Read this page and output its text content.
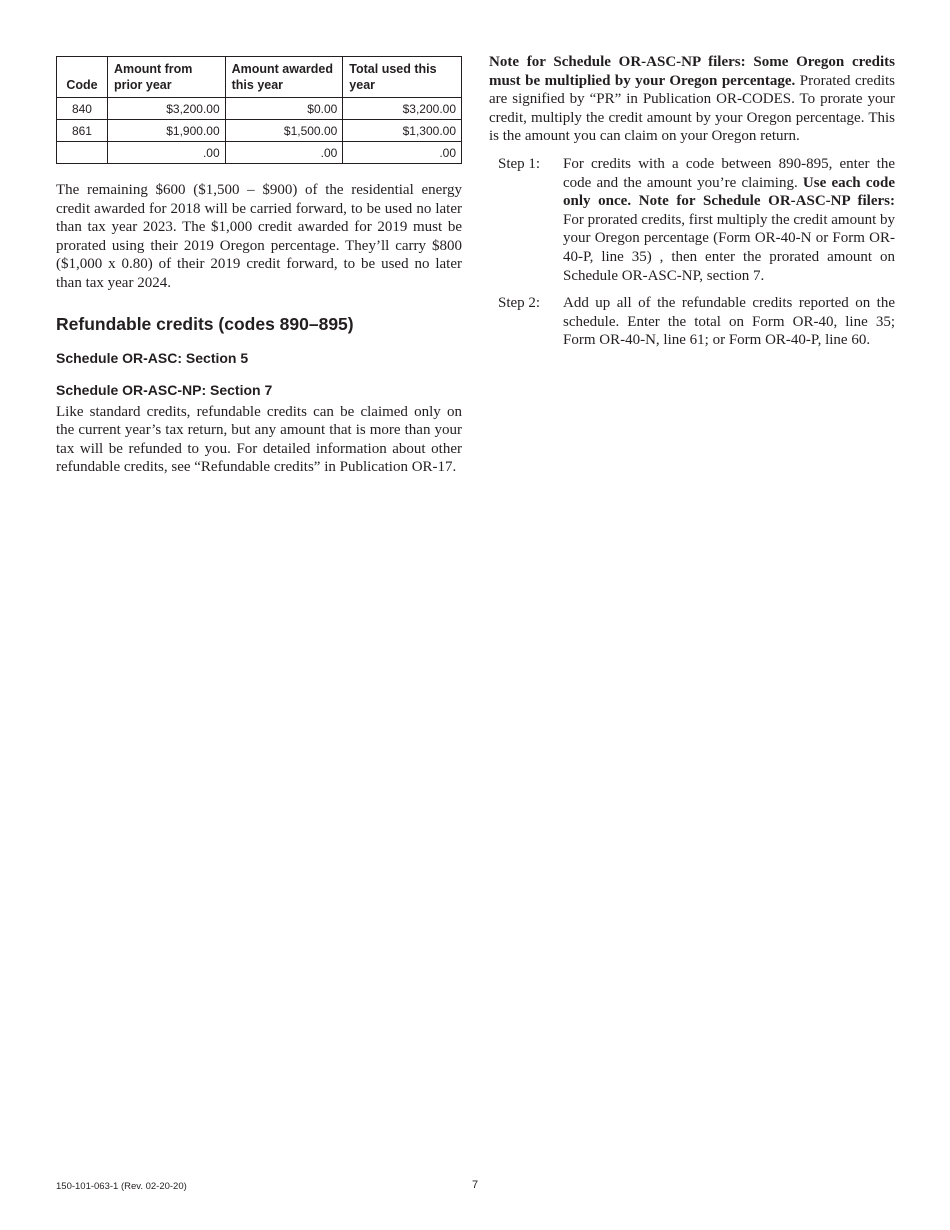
Code	Amount from prior year	Amount awarded this year	Total used this year
840	$3,200.00	$0.00	$3,200.00
861	$1,900.00	$1,500.00	$1,300.00
	.00	.00	.00

The remaining $600 ($1,500 – $900) of the residential energy credit awarded for 2018 will be carried forward, to be used no later than tax year 2023. The $1,000 credit awarded for 2019 must be prorated using their 2019 Oregon percentage. They’ll carry $800 ($1,000 x 0.80) of their 2019 credit forward, to be used no later than tax year 2024.

Refundable credits (codes 890–895)
Schedule OR-ASC: Section 5
Schedule OR-ASC-NP: Section 7

Like standard credits, refundable credits can be claimed only on the current year’s tax return, but any amount that is more than your tax will be refunded to you. For detailed information about other refundable credits, see “Refundable credits” in Publication OR-17.

Note for Schedule OR-ASC-NP filers: Some Oregon credits must be multiplied by your Oregon percentage. Prorated credits are signified by “PR” in Publication OR-CODES. To prorate your credit, multiply the credit amount by your Oregon percentage. This is the amount you can claim on your Oregon return.

Step 1:	For credits with a code between 890-895, enter the code and the amount you’re claiming. Use each code only once. Note for Schedule OR-ASC-NP filers: For prorated credits, first multiply the credit amount by your Oregon percentage (Form OR-40-N or Form OR-40-P, line 35) , then enter the prorated amount on Schedule OR-ASC-NP, section 7.
Step 2:	Add up all of the refundable credits reported on the schedule. Enter the total on Form OR-40, line 35; Form OR-40-N, line 61; or Form OR-40-P, line 60.
150-101-063-1 (Rev. 02-20-20)	7
